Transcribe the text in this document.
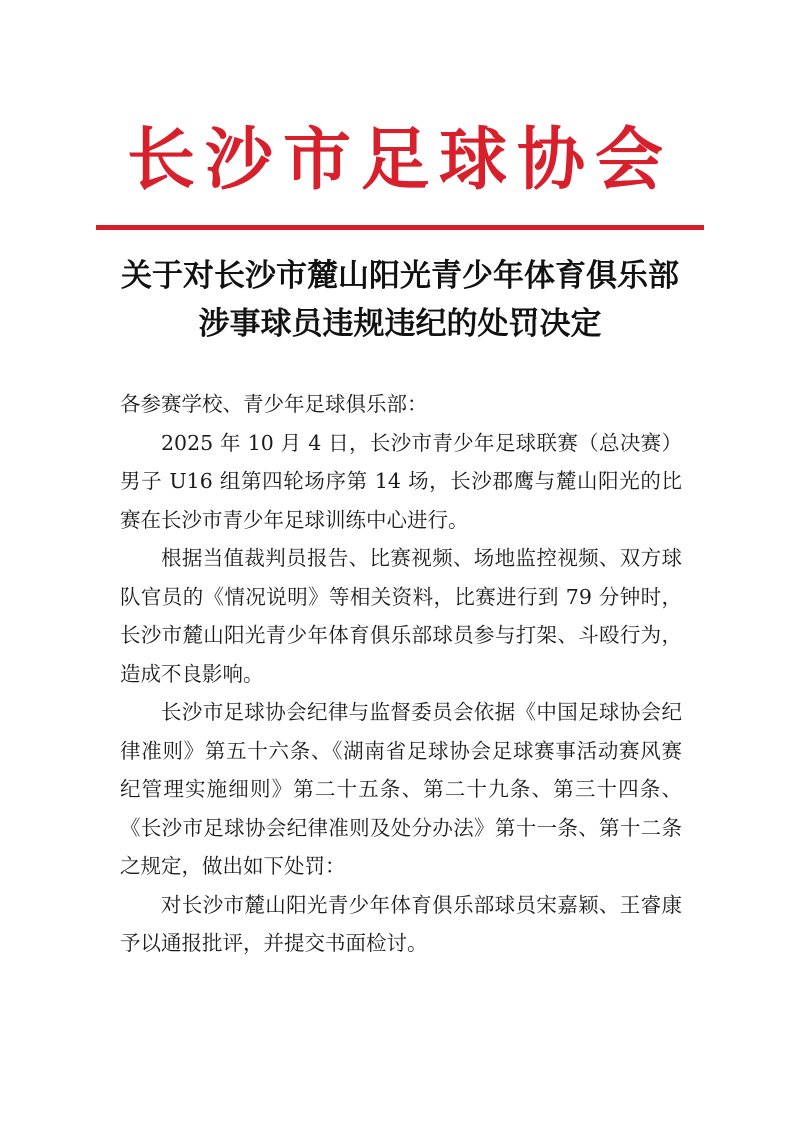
长沙市足球协会
关于对长沙市麓山阳光青少年体育俱乐部
涉事球员违规违纪的处罚决定

各参赛学校、青少年足球俱乐部：

2025 年 10 月 4 日，长沙市青少年足球联赛（总决赛）男子 U16 组第四轮场序第 14 场，长沙郡鹰与麓山阳光的比赛在长沙市青少年足球训练中心进行。

根据当值裁判员报告、比赛视频、场地监控视频、双方球队官员的《情况说明》等相关资料，比赛进行到 79 分钟时，长沙市麓山阳光青少年体育俱乐部球员参与打架、斗殴行为，造成不良影响。

长沙市足球协会纪律与监督委员会依据《中国足球协会纪律准则》第五十六条、《湖南省足球协会足球赛事活动赛风赛纪管理实施细则》第二十五条、第二十九条、第三十四条、《长沙市足球协会纪律准则及处分办法》第十一条、第十二条之规定，做出如下处罚：

对长沙市麓山阳光青少年体育俱乐部球员宋嘉颖、王睿康予以通报批评，并提交书面检讨。
